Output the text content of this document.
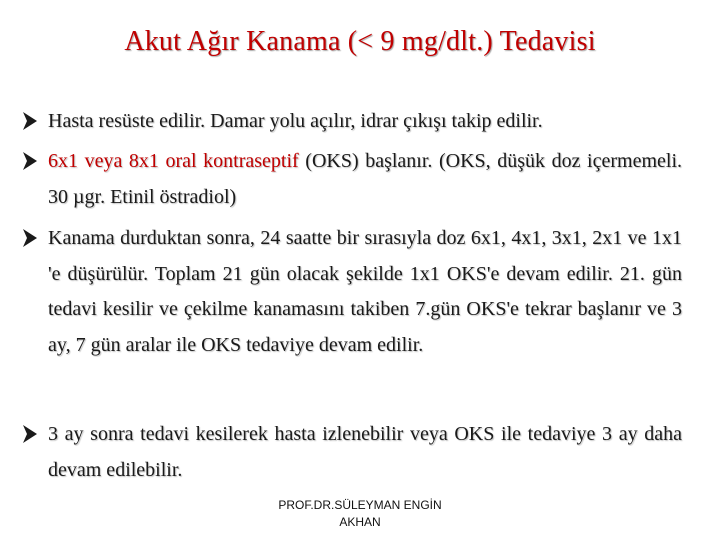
Akut Ağır Kanama (< 9 mg/dlt.) Tedavisi
Hasta resüste edilir. Damar yolu açılır, idrar çıkışı takip edilir.
6x1 veya 8x1 oral kontraseptif (OKS) başlanır. (OKS, düşük doz içermemeli. 30 µgr. Etinil östradiol)
Kanama durduktan sonra, 24 saatte bir sırasıyla doz 6x1, 4x1, 3x1, 2x1 ve 1x1 'e düşürülür. Toplam 21 gün olacak şekilde 1x1 OKS'e devam edilir. 21. gün tedavi kesilir ve çekilme kanamasını takiben 7.gün OKS'e tekrar başlanır ve 3 ay, 7 gün aralar ile OKS tedaviye devam edilir.
3 ay sonra tedavi kesilerek hasta izlenebilir veya OKS ile tedaviye 3 ay daha devam edilebilir.
PROF.DR.SÜLEYMAN ENGİN
AKHAN
